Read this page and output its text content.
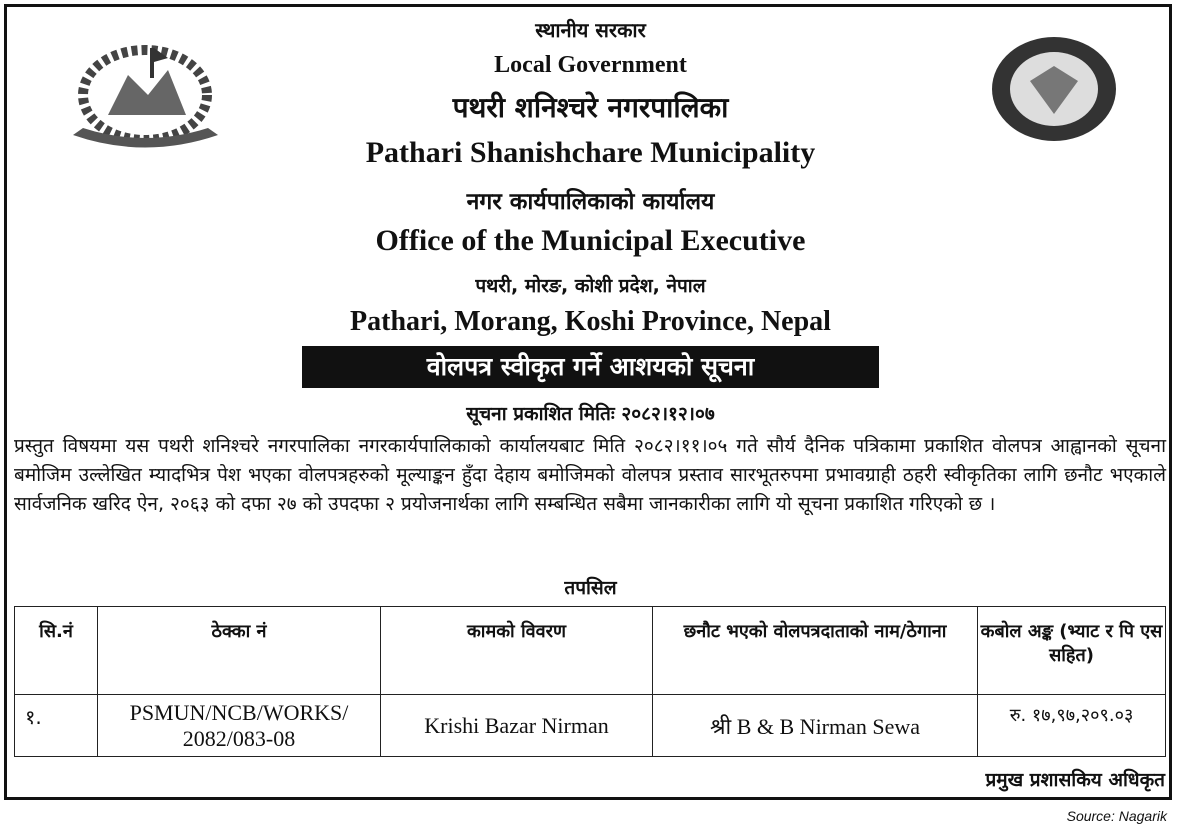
स्थानीय सरकार
Local Government
पथरी शनिश्चरे नगरपालिका
Pathari Shanishchare Municipality
नगर कार्यपालिकाको कार्यालय
Office of the Municipal Executive
पथरी, मोरङ, कोशी प्रदेश, नेपाल
Pathari, Morang, Koshi Province, Nepal
वोलपत्र स्वीकृत गर्ने आशयको सूचना
सूचना प्रकाशित मितिः २०८२।१२।०७
प्रस्तुत विषयमा यस पथरी शनिश्चरे नगरपालिका नगरकार्यपालिकाको कार्यालयबाट मिति २०८२।११।०५ गते सौर्य दैनिक पत्रिकामा प्रकाशित वोलपत्र आह्वानको सूचना बमोजिम उल्लेखित म्यादभित्र पेश भएका वोलपत्रहरुको मूल्याङ्कन हुँदा देहाय बमोजिमको वोलपत्र प्रस्ताव सारभूतरुपमा प्रभावग्राही ठहरी स्वीकृतिका लागि छनौट भएकाले सार्वजनिक खरिद ऐन, २०६३ को दफा २७ को उपदफा २ प्रयोजनार्थका लागि सम्बन्धित सबैमा जानकारीका लागि यो सूचना प्रकाशित गरिएको छ ।
तपसिल
सि.नं	ठेक्का नं	कामको विवरण	छनौट भएको वोलपत्रदाताको नाम/ठेगाना	कबोल अङ्क (भ्याट र पि एस सहित)
१.	PSMUN/NCB/WORKS/ 2082/083-08	Krishi Bazar Nirman	श्री B & B Nirman Sewa	रु. १७,९७,२०९.०३
प्रमुख प्रशासकिय अधिकृत
Source: Nagarik
